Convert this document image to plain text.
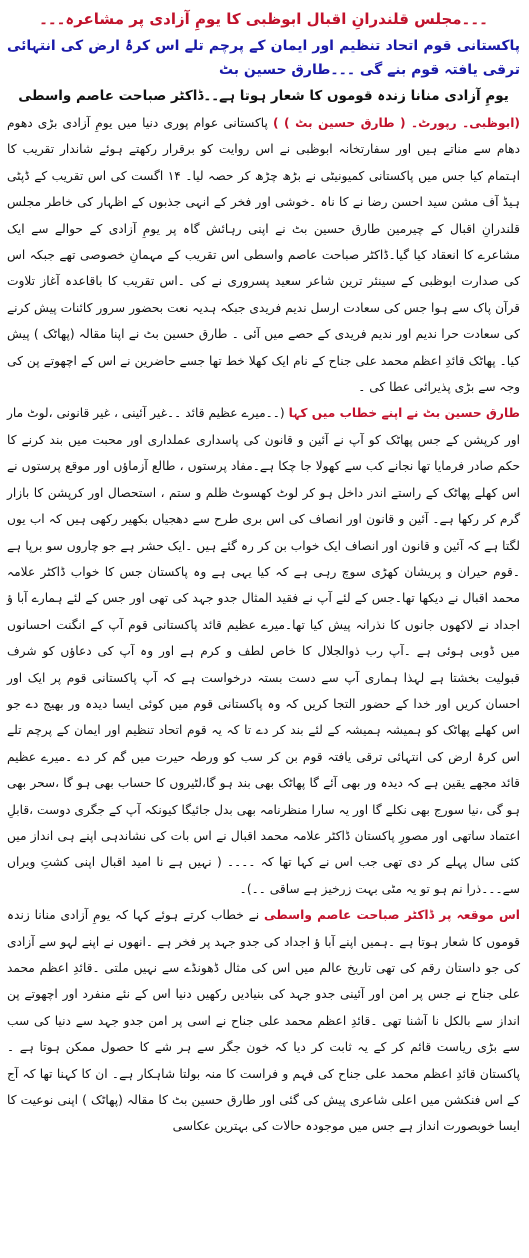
۔۔۔مجلس قلندرانِ اقبال ابوظبی کا یومِ آزادی پر مشاعرہ۔۔۔
پاکستانی قوم اتحاد تنظیم اور ایمان کے پرچم تلے اس کرۂ ارض کی انتہائی ترقی یافتہ قوم بنے گی ۔۔۔طارق حسین بٹ
یومِ آزادی منانا زندہ قوموں کا شعار ہوتا ہے۔۔ڈاکٹر صباحت عاصم واسطی

(ابوظبی۔ رپورٹ۔ ( طارق حسین بٹ ) ) پاکستانی عوام پوری دنیا میں یومِ آزادی بڑی دھوم دھام سے مناتے ہیں اور سفارتخانہ ابوظبی نے اس روایت کو برقرار رکھتے ہوئے شاندار تقریب کا اہتمام کیا جس میں پاکستانی کمیونیٹی نے بڑھ چڑھ کر حصہ لیا۔ ۱۴ اگست کی اس تقریب کے ڈپٹی ہیڈ آف مشن سید احسن رضا نے کا ناہ ۔خوشی اور فخر کے انہی جذبوں کے اظہار کی خاطر مجلس قلندرانِ اقبال کے چیرمین طارق حسین بٹ نے اپنی رہائش گاہ پر یومِ آزادی کے حوالے سے ایک مشاعرے کا انعقاد کیا گیا۔ڈاکٹر صباحت عاصم واسطی اس تقریب کے مہمانِ خصوصی تھے جبکہ اس کی صدارت ابوظبی کے سینئر ترین شاعر سعید پسروری نے کی ۔اس تقریب کا باقاعدہ آغاز تلاوت قرآن پاک سے ہوا جس کی سعادت ارسل ندیم فریدی جبکہ ہدیہ نعت بحضور سرور کائنات پیش کرنے کی سعادت حرا ندیم اور ندیم فریدی کے حصے میں آئی ۔ طارق حسین بٹ نے اپنا مقالہ (پھاٹک ) پیش کیا۔ پھاٹک قائدِ اعظم محمد علی جناح کے نام ایک کھلا خط تھا جسے حاضرین نے اس کے اچھوتے پن کی وجہ سے بڑی پذیرائی عطا کی ۔

طارق حسین بٹ نے اپنے خطاب میں کہا (۔۔میرے عظیم قائد ۔۔غیر آئینی ، غیر قانونی ،لوٹ مار اور کرپشن کے جس پھاٹک کو آپ نے آئین و قانون کی پاسداری عملداری اور محبت میں بند کرنے کا حکم صادر فرمایا تھا نجانے کب سے کھولا جا چکا ہے۔مفاد پرستوں ، طالع آزماؤں اور موقع پرستوں نے اس کھلے پھاٹک کے راستے اندر داخل ہو کر لوٹ کھسوٹ ظلم و ستم ، استحصال اور کرپشن کا بازار گرم کر رکھا ہے۔ آئین و قانون اور انصاف کی اس بری طرح سے دھجیاں بکھیر رکھی ہیں کہ اب یوں لگتا ہے کہ آئین و قانون اور انصاف ایک خواب بن کر رہ گئے ہیں ۔ایک حشر ہے جو چاروں سو برپا ہے ۔قوم حیران و پریشان کھڑی سوچ رہی ہے کہ کیا یہی ہے وہ پاکستان جس کا خواب ڈاکٹر علامہ محمد اقبال نے دیکھا تھا۔جس کے لئے آپ نے فقید المثال جدو جہد کی تھی اور جس کے لئے ہمارے آبا ؤ اجداد نے لاکھوں جانوں کا نذرانہ پیش کیا تھا۔میرے عظیم قائد پاکستانی قوم آپ کے انگنت احسانوں میں ڈوبی ہوئی ہے ۔آپ رب ذوالجلال کا خاص لطف و کرم ہے اور وہ آپ کی دعاؤں کو شرف قبولیت بخشتا ہے لہذا ہماری آپ سے دست بستہ درخواست ہے کہ آپ پاکستانی قوم پر ایک اور احسان کریں اور خدا کے حضور التجا کریں کہ وہ پاکستانی قوم میں کوئی ایسا دیدہ ور بھیج دے جو اس کھلے پھاٹک کو ہمیشہ ہمیشہ کے لئے بند کر دے تا کہ یہ قوم اتحاد تنظیم اور ایمان کے پرچم تلے اس کرۂ ارض کی انتہائی ترقی یافتہ قوم بن کر سب کو ورطہ حیرت میں گم کر دے ۔میرے عظیم قائد مجھے یقین ہے کہ دیدہ ور بھی آئے گا پھاٹک بھی بند ہو گا،لٹیروں کا حساب بھی ہو گا ،سحر بھی ہو گی ،نیا سورج بھی نکلے گا اور یہ سارا منظرنامہ بھی بدل جائیگا کیونکہ آپ کے جگری دوست ،قابلِ اعتماد ساتھی اور مصورِ پاکستان ڈاکٹر علامہ محمد اقبال نے اس بات کی نشاندہی اپنے ہی انداز میں کئی سال پہلے کر دی تھی جب اس نے کہا تھا کہ ۔۔۔۔ ( نہیں ہے نا امید اقبال اپنی کشتِ ویراں سے۔۔۔ذرا نم ہو تو یہ مٹی بہت زرخیز ہے ساقی ۔۔)۔

اس موقعہ پر ڈاکٹر صباحت عاصم واسطی نے خطاب کرتے ہوئے کہا کہ یومِ آزادی منانا زندہ قوموں کا شعار ہوتا ہے ۔ہمیں اپنے آبا ؤ اجداد کی جدو جہد پر فخر ہے ۔انھوں نے اپنے لہو سے آزادی کی جو داستان رقم کی تھی تاریخ عالم میں اس کی مثال ڈھونڈے سے نہیں ملتی ۔قائدِ اعظم محمد علی جناح نے جس پر امن اور آئینی جدو جہد کی بنیادیں رکھیں دنیا اس کے نئے منفرد اور اچھوتے پن انداز سے بالکل نا آشنا تھی ۔قائدِ اعظم محمد علی جناح نے اسی پر امن جدو جہد سے دنیا کی سب سے بڑی ریاست قائم کر کے یہ ثابت کر دیا کہ خون جگر سے ہر شے کا حصول ممکن ہوتا ہے ۔پاکستان قائدِ اعظم محمد علی جناح کی فہم و فراست کا منہ بولتا شاہکار ہے۔ ان کا کہنا تھا کہ آج کے اس فنکشن میں اعلی شاعری پیش کی گئی اور طارق حسین بٹ کا مقالہ (پھاٹک ) اپنی نوعیت کا ایسا خوبصورت انداز ہے جس میں موجودہ حالات کی بہترین عکاسی
